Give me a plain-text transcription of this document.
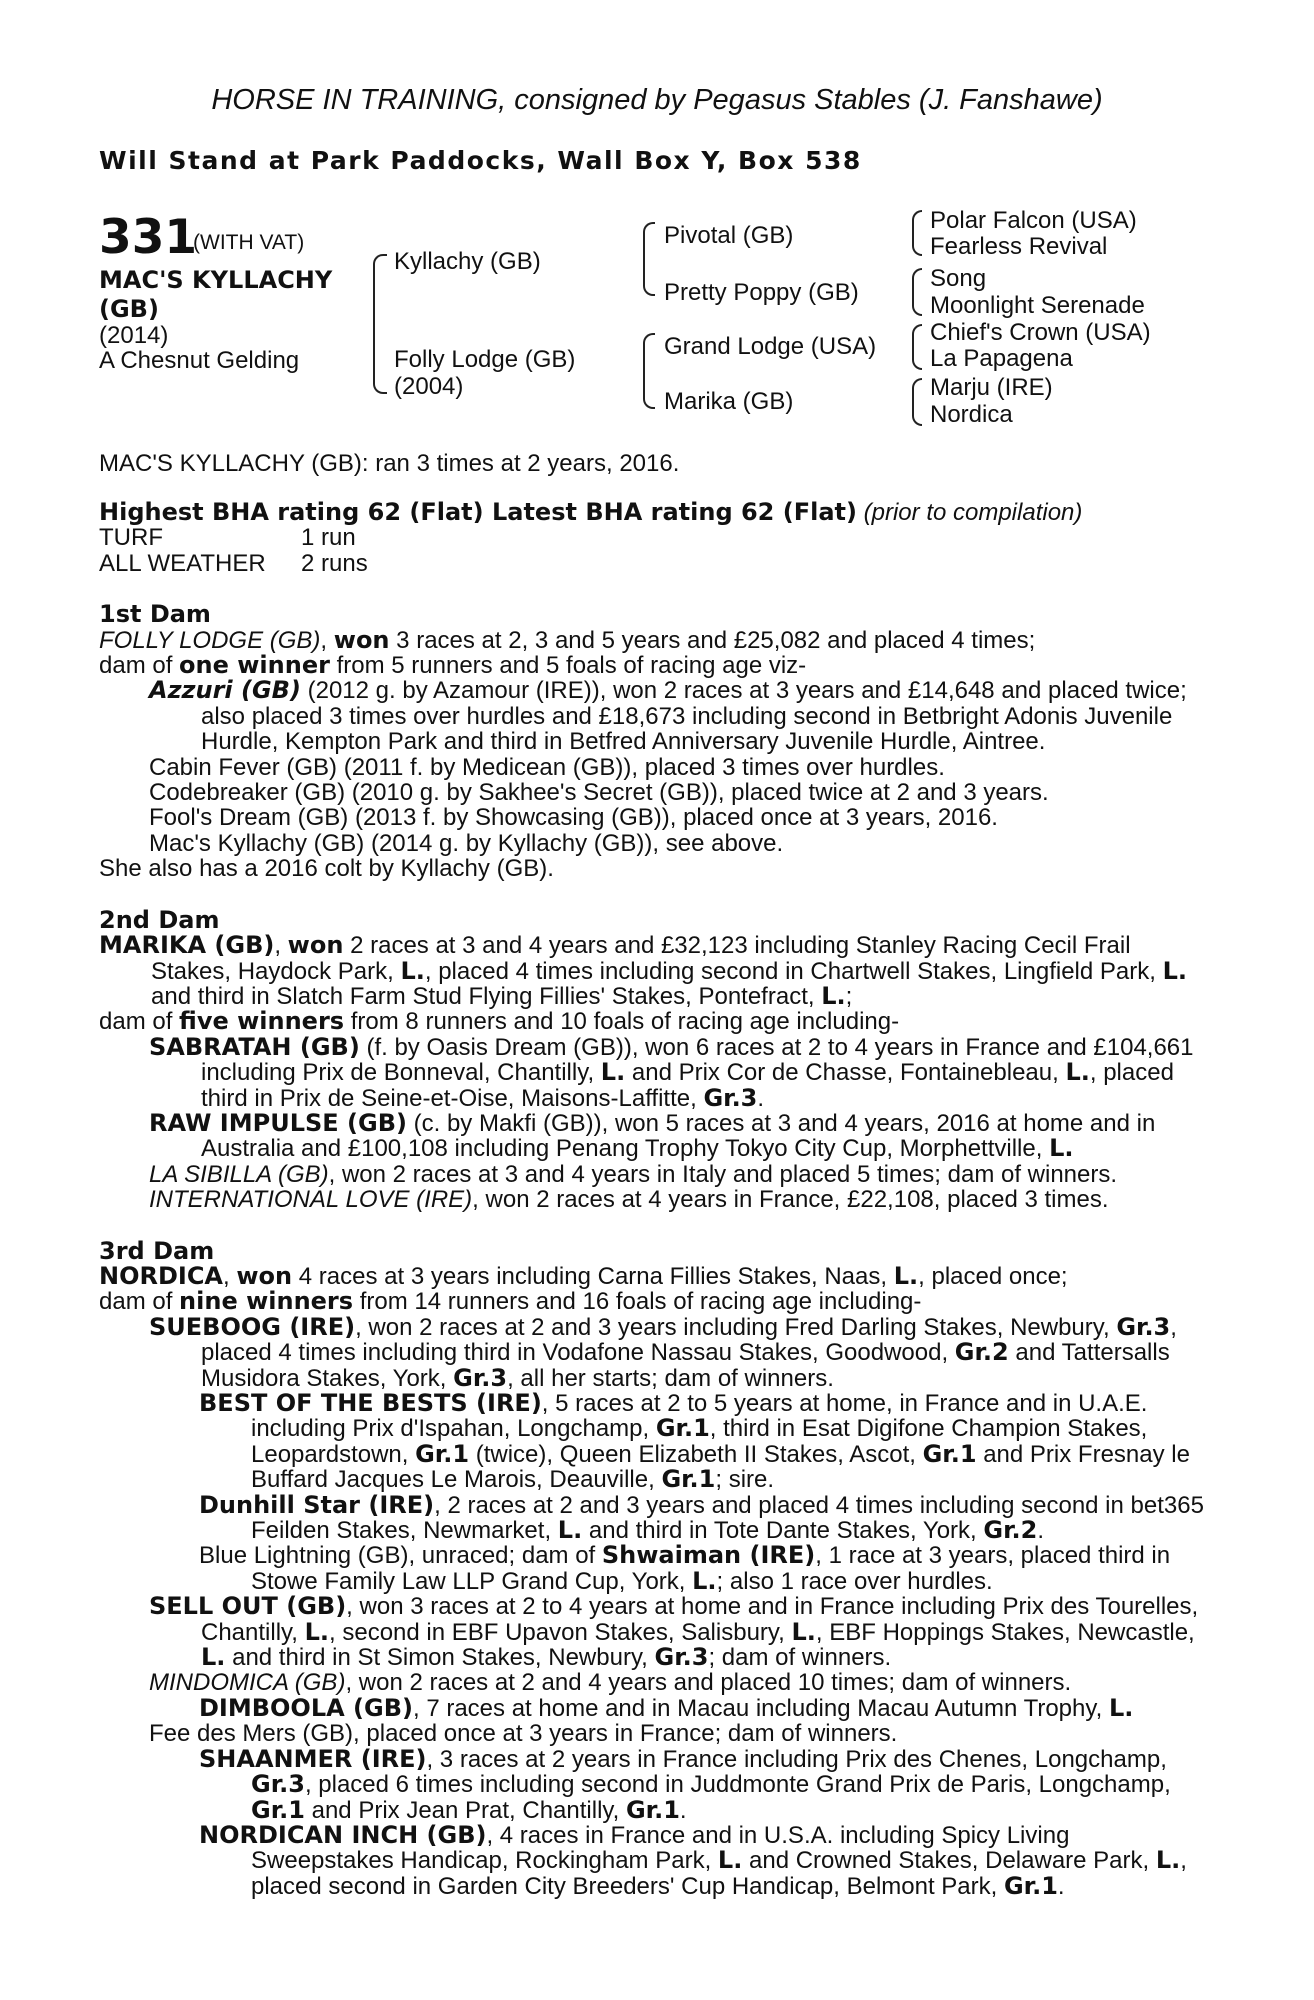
HORSE IN TRAINING, consigned by Pegasus Stables (J. Fanshawe)
Will Stand at Park Paddocks, Wall Box Y, Box 538
331
(WITH VAT)
MAC'S KYLLACHY (GB)
(2014)
A Chesnut Gelding
Kyllachy (GB)
Folly Lodge (GB)
(2004)
Pivotal (GB)
Pretty Poppy (GB)
Grand Lodge (USA)
Marika (GB)
Polar Falcon (USA)
Fearless Revival
Song
Moonlight Serenade
Chief's Crown (USA)
La Papagena
Marju (IRE)
Nordica
MAC'S KYLLACHY (GB): ran 3 times at 2 years, 2016.

Highest BHA rating 62 (Flat) Latest BHA rating 62 (Flat) (prior to compilation)

TURF	1 run

ALL WEATHER 2 runs

1st Dam

FOLLY LODGE (GB), won 3 races at 2, 3 and 5 years and £25,082 and placed 4 times;

dam of one winner from 5 runners and 5 foals of racing age viz-

Azzuri (GB) (2012 g. by Azamour (IRE)), won 2 races at 3 years and £14,648 and placed twice; also placed 3 times over hurdles and £18,673 including second in Betbright Adonis Juvenile Hurdle, Kempton Park and third in Betfred Anniversary Juvenile Hurdle, Aintree.

Cabin Fever (GB) (2011 f. by Medicean (GB)), placed 3 times over hurdles.

Codebreaker (GB) (2010 g. by Sakhee's Secret (GB)), placed twice at 2 and 3 years.

Fool's Dream (GB) (2013 f. by Showcasing (GB)), placed once at 3 years, 2016.

Mac's Kyllachy (GB) (2014 g. by Kyllachy (GB)), see above.

She also has a 2016 colt by Kyllachy (GB).

2nd Dam

MARIKA (GB), won 2 races at 3 and 4 years and £32,123 including Stanley Racing Cecil Frail Stakes, Haydock Park, L., placed 4 times including second in Chartwell Stakes, Lingfield Park, L. and third in Slatch Farm Stud Flying Fillies' Stakes, Pontefract, L.;

dam of five winners from 8 runners and 10 foals of racing age including-

SABRATAH (GB) (f. by Oasis Dream (GB)), won 6 races at 2 to 4 years in France and £104,661 including Prix de Bonneval, Chantilly, L. and Prix Cor de Chasse, Fontainebleau, L., placed third in Prix de Seine-et-Oise, Maisons-Laffitte, Gr.3.

RAW IMPULSE (GB) (c. by Makfi (GB)), won 5 races at 3 and 4 years, 2016 at home and in Australia and £100,108 including Penang Trophy Tokyo City Cup, Morphettville, L.

LA SIBILLA (GB), won 2 races at 3 and 4 years in Italy and placed 5 times; dam of winners.

INTERNATIONAL LOVE (IRE), won 2 races at 4 years in France, £22,108, placed 3 times.

3rd Dam

NORDICA, won 4 races at 3 years including Carna Fillies Stakes, Naas, L., placed once;

dam of nine winners from 14 runners and 16 foals of racing age including-

SUEBOOG (IRE), won 2 races at 2 and 3 years including Fred Darling Stakes, Newbury, Gr.3, placed 4 times including third in Vodafone Nassau Stakes, Goodwood, Gr.2 and Tattersalls Musidora Stakes, York, Gr.3, all her starts; dam of winners.

BEST OF THE BESTS (IRE), 5 races at 2 to 5 years at home, in France and in U.A.E. including Prix d'Ispahan, Longchamp, Gr.1, third in Esat Digifone Champion Stakes, Leopardstown, Gr.1 (twice), Queen Elizabeth II Stakes, Ascot, Gr.1 and Prix Fresnay le Buffard Jacques Le Marois, Deauville, Gr.1; sire.

Dunhill Star (IRE), 2 races at 2 and 3 years and placed 4 times including second in bet365 Feilden Stakes, Newmarket, L. and third in Tote Dante Stakes, York, Gr.2.

Blue Lightning (GB), unraced; dam of Shwaiman (IRE), 1 race at 3 years, placed third in Stowe Family Law LLP Grand Cup, York, L.; also 1 race over hurdles.

SELL OUT (GB), won 3 races at 2 to 4 years at home and in France including Prix des Tourelles, Chantilly, L., second in EBF Upavon Stakes, Salisbury, L., EBF Hoppings Stakes, Newcastle, L. and third in St Simon Stakes, Newbury, Gr.3; dam of winners.

MINDOMICA (GB), won 2 races at 2 and 4 years and placed 10 times; dam of winners.

DIMBOOLA (GB), 7 races at home and in Macau including Macau Autumn Trophy, L.

Fee des Mers (GB), placed once at 3 years in France; dam of winners.

SHAANMER (IRE), 3 races at 2 years in France including Prix des Chenes, Longchamp, Gr.3, placed 6 times including second in Juddmonte Grand Prix de Paris, Longchamp, Gr.1 and Prix Jean Prat, Chantilly, Gr.1.

NORDICAN INCH (GB), 4 races in France and in U.S.A. including Spicy Living Sweepstakes Handicap, Rockingham Park, L. and Crowned Stakes, Delaware Park, L., placed second in Garden City Breeders' Cup Handicap, Belmont Park, Gr.1.
